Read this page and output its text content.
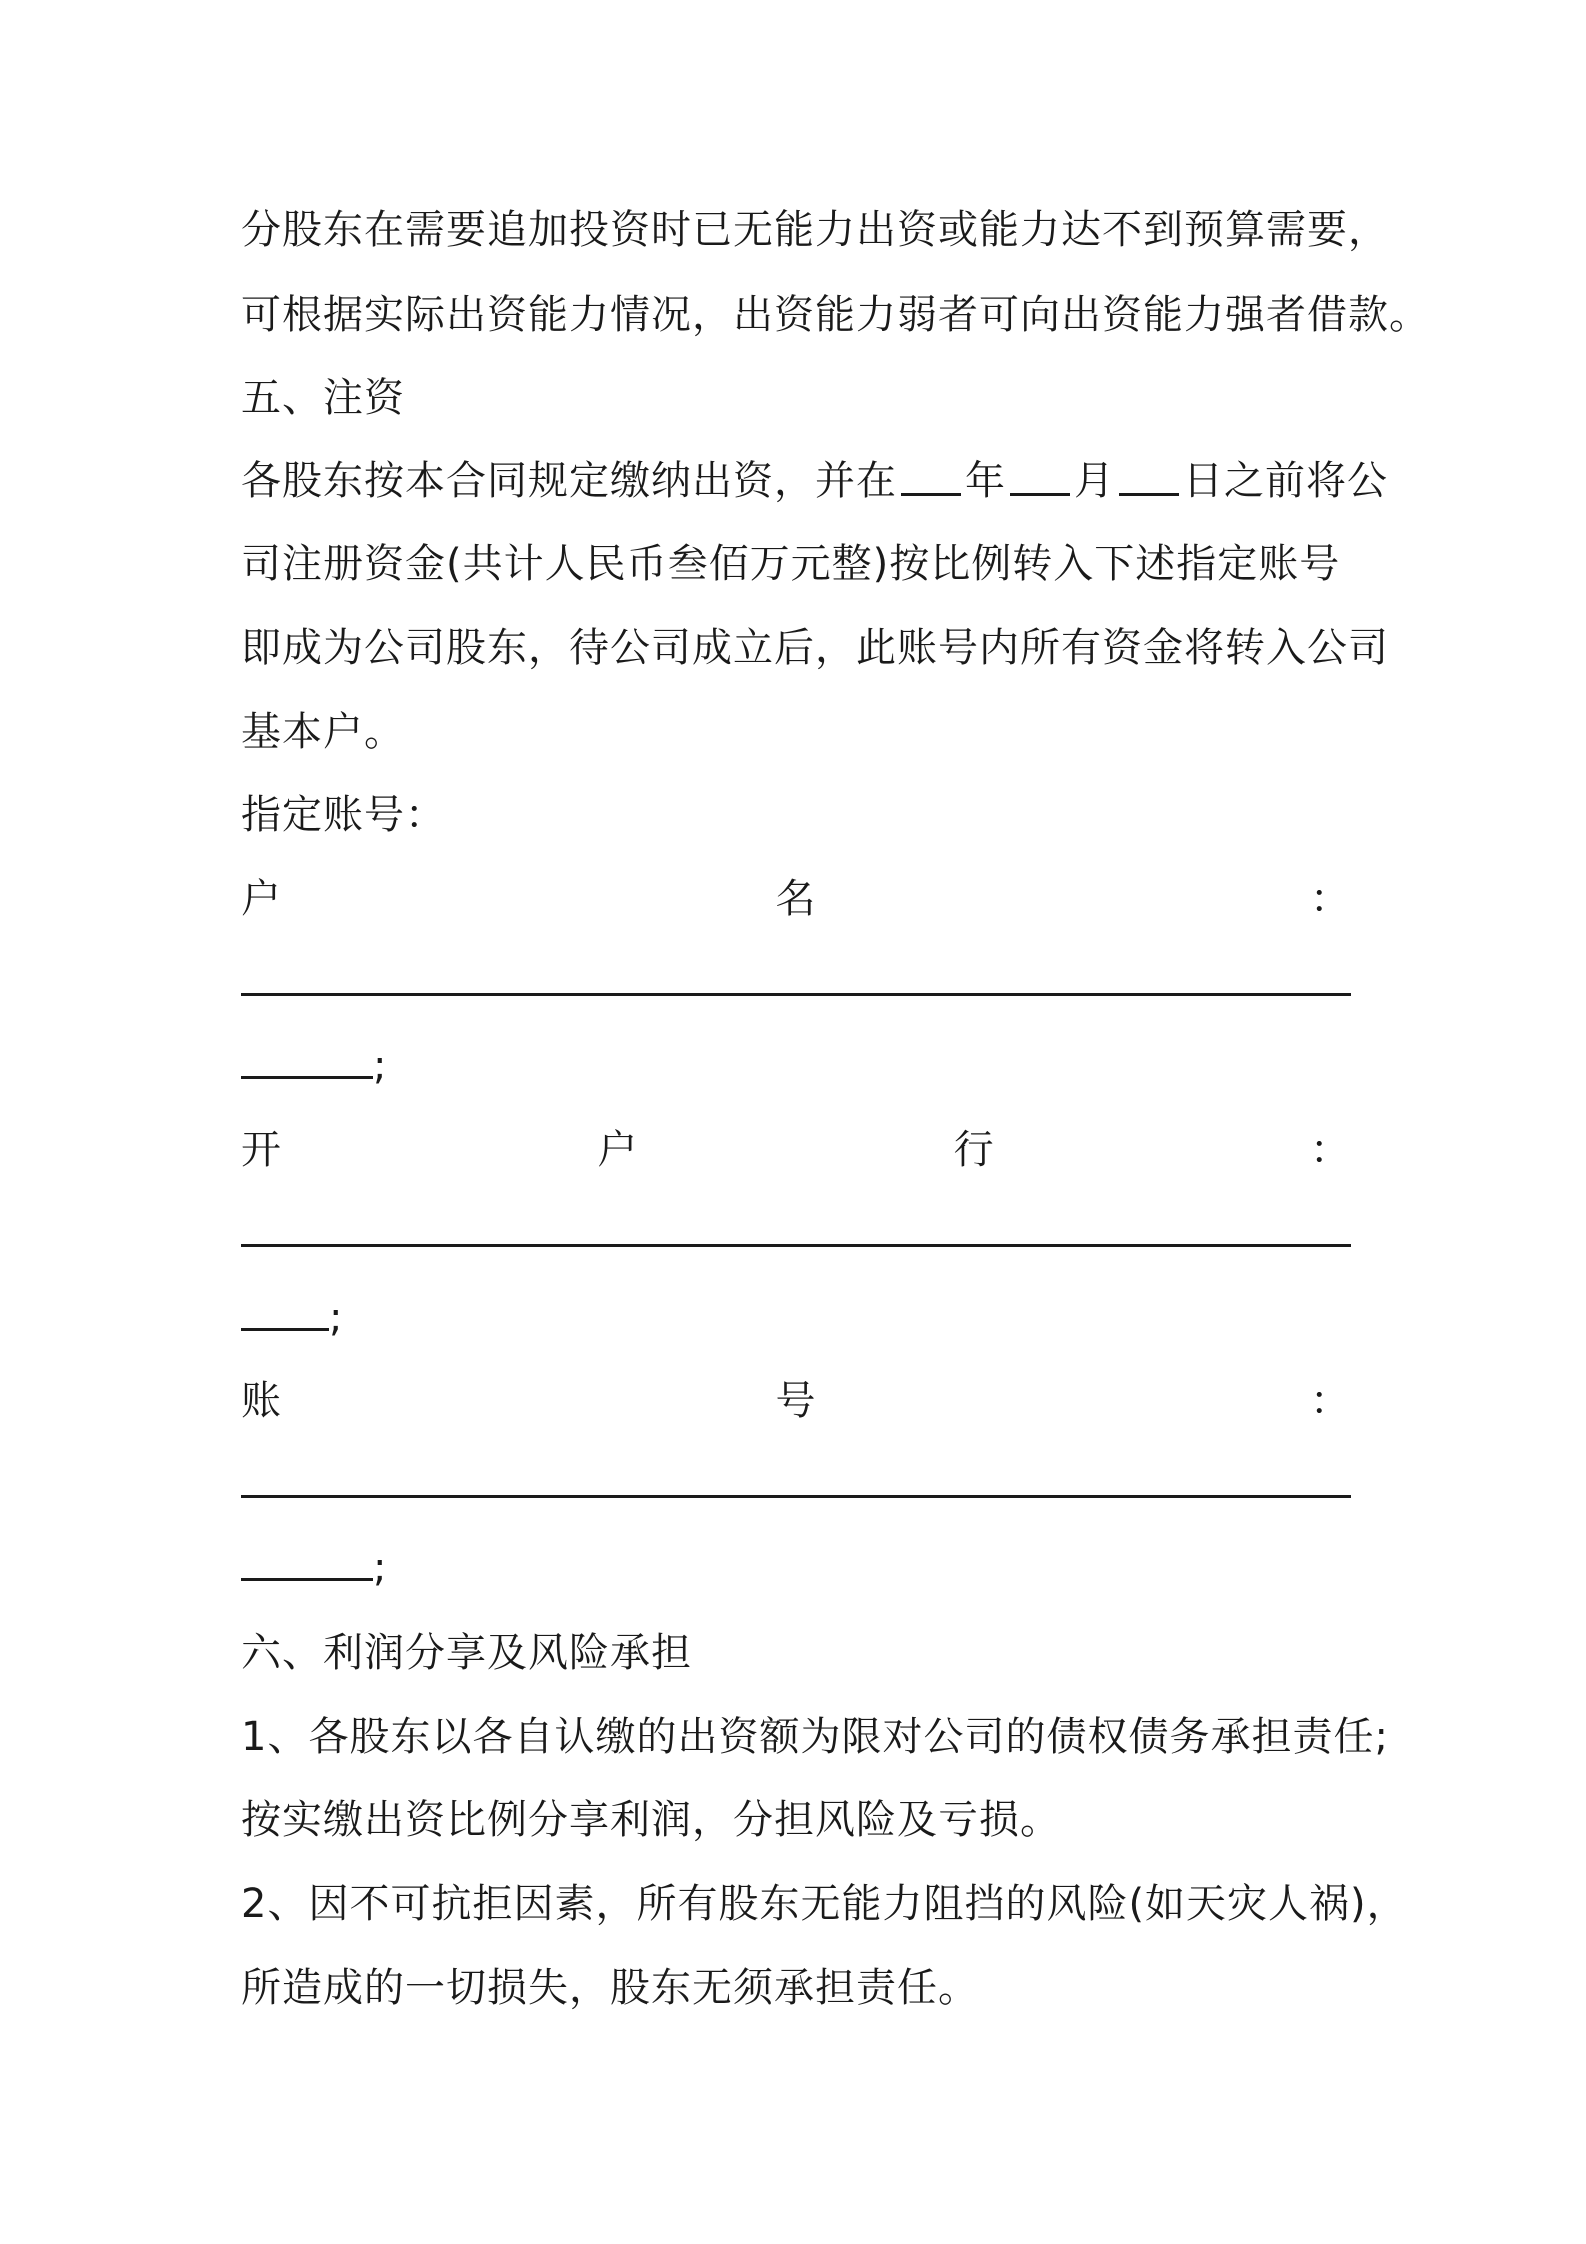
分股东在需要追加投资时已无能力出资或能力达不到预算需要，
可根据实际出资能力情况，出资能力弱者可向出资能力强者借款。
五、注资
各股东按本合同规定缴纳出资，并在 年 月 日之前将公
司注册资金(共计人民币叁佰万元整)按比例转入下述指定账号
即成为公司股东，待公司成立后，此账号内所有资金将转入公司
基本户。
指定账号：
户	名	：
;
开	户	行	：
;
账	号	：
;
六、利润分享及风险承担
1、各股东以各自认缴的出资额为限对公司的债权债务承担责任;
按实缴出资比例分享利润，分担风险及亏损。
2、因不可抗拒因素，所有股东无能力阻挡的风险(如天灾人祸)，
所造成的一切损失，股东无须承担责任。
